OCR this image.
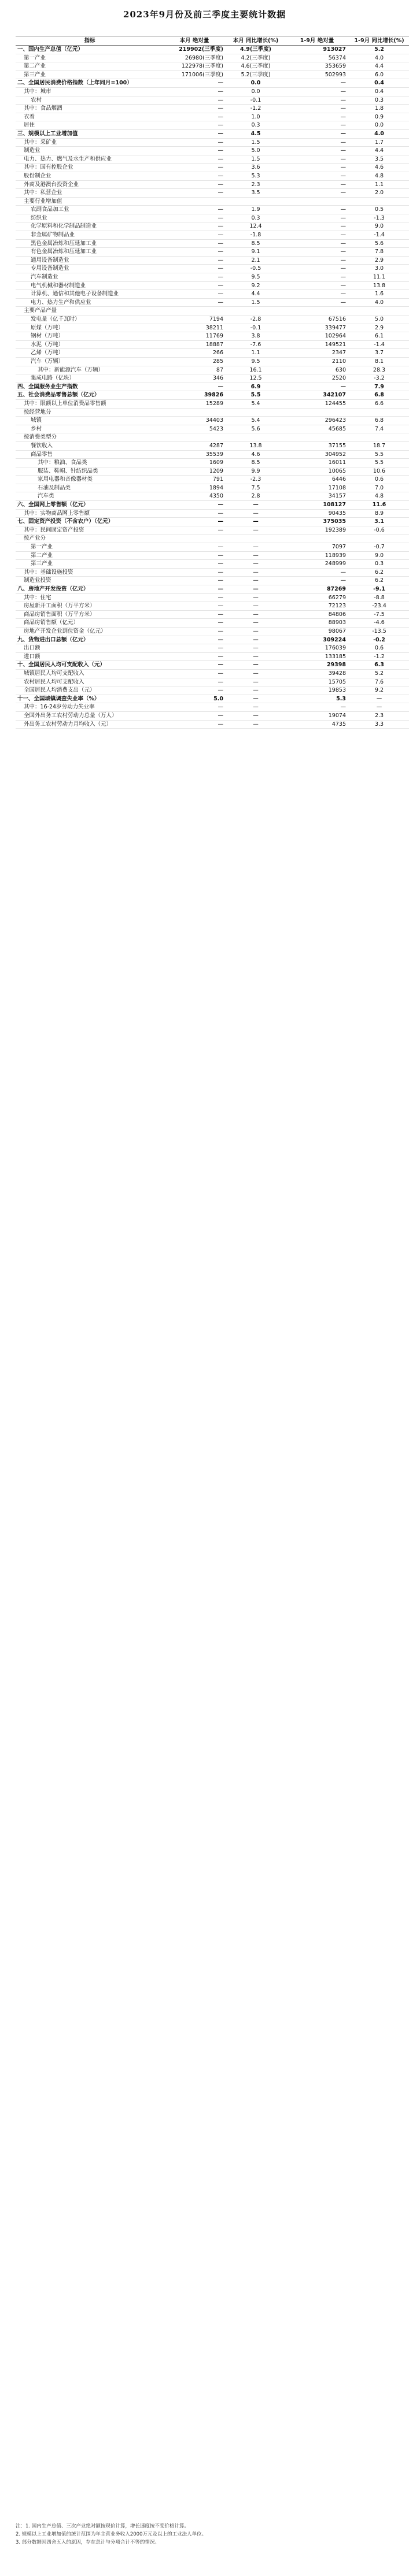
2023年9月份及前三季度主要统计数据
指标	本月 绝对量	本月 同比增长(%)	1-9月 绝对量	1-9月 同比增长(%)
一、国内生产总值（亿元）	219902(三季度)	4.9(三季度)	913027	5.2
第一产业	26980(三季度)	4.2(三季度)	56374	4.0
第二产业	122978(三季度)	4.6(三季度)	353659	4.4
第三产业	171006(三季度)	5.2(三季度)	502993	6.0
二、全国居民消费价格指数（上年同月=100）	—	0.0	—	0.4
其中：城市	—	0.0	—	0.4
农村	—	-0.1	—	0.3
其中：食品烟酒	—	-1.2	—	1.8
衣着	—	1.0	—	0.9
居住	—	0.3	—	0.0
三、规模以上工业增加值	—	4.5	—	4.0
其中：采矿业	—	1.5	—	1.7
制造业	—	5.0	—	4.4
电力、热力、燃气及水生产和供应业	—	1.5	—	3.5
其中：国有控股企业	—	3.6	—	4.6
股份制企业	—	5.3	—	4.8
外商及港澳台投资企业	—	2.3	—	1.1
其中：私营企业	—	3.5	—	2.0
主要行业增加值				
农副食品加工业	—	1.9	—	0.5
纺织业	—	0.3	—	-1.3
化学原料和化学制品制造业	—	12.4	—	9.0
非金属矿物制品业	—	-1.8	—	-1.4
黑色金属冶炼和压延加工业	—	8.5	—	5.6
有色金属冶炼和压延加工业	—	9.1	—	7.8
通用设备制造业	—	2.1	—	2.9
专用设备制造业	—	-0.5	—	3.0
汽车制造业	—	9.5	—	11.1
电气机械和器材制造业	—	9.2	—	13.8
计算机、通信和其他电子设备制造业	—	4.4	—	1.6
电力、热力生产和供应业	—	1.5	—	4.0
主要产品产量				
发电量（亿千瓦时）	7194	-2.8	67516	5.0
原煤（万吨）	38211	-0.1	339477	2.9
钢材（万吨）	11769	3.8	102964	6.1
水泥（万吨）	18887	-7.6	149521	-1.4
乙烯（万吨）	266	1.1	2347	3.7
汽车（万辆）	285	9.5	2110	8.1
其中：新能源汽车（万辆）	87	16.1	630	28.3
集成电路（亿块）	346	12.5	2520	-3.2
四、全国服务业生产指数	—	6.9	—	7.9
五、社会消费品零售总额（亿元）	39826	5.5	342107	6.8
其中：限额以上单位消费品零售额	15289	5.4	124455	6.6
按经营地分				
城镇	34403	5.4	296423	6.8
乡村	5423	5.6	45685	7.4
按消费类型分				
餐饮收入	4287	13.8	37155	18.7
商品零售	35539	4.6	304952	5.5
其中：粮油、食品类	1609	8.5	16011	5.5
服装、鞋帽、针纺织品类	1209	9.9	10065	10.6
家用电器和音像器材类	791	-2.3	6446	0.6
石油及制品类	1894	7.5	17108	7.0
汽车类	4350	2.8	34157	4.8
六、全国网上零售额（亿元）	—	—	108127	11.6
其中：实物商品网上零售额	—	—	90435	8.9
七、固定资产投资（不含农户）（亿元）	—	—	375035	3.1
其中：民间固定资产投资	—	—	192389	-0.6
按产业分				
第一产业	—	—	7097	-0.7
第二产业	—	—	118939	9.0
第三产业	—	—	248999	0.3
其中：基础设施投资	—	—	—	6.2
制造业投资	—	—	—	6.2
八、房地产开发投资（亿元）	—	—	87269	-9.1
其中：住宅	—	—	66279	-8.8
房屋新开工面积（万平方米）	—	—	72123	-23.4
商品房销售面积（万平方米）	—	—	84806	-7.5
商品房销售额（亿元）	—	—	88903	-4.6
房地产开发企业到位资金（亿元）	—	—	98067	-13.5
九、货物进出口总额（亿元）	—	—	309224	-0.2
出口额	—	—	176039	0.6
进口额	—	—	133185	-1.2
十、全国居民人均可支配收入（元）	—	—	29398	6.3
城镇居民人均可支配收入	—	—	39428	5.2
农村居民人均可支配收入	—	—	15705	7.6
全国居民人均消费支出（元）	—	—	19853	9.2
十一、全国城镇调查失业率（%）	5.0	—	5.3	—
其中：16-24岁劳动力失业率	—	—	—	—
全国外出务工农村劳动力总量（万人）	—	—	19074	2.3
外出务工农村劳动力月均收入（元）	—	—	4735	3.3
注：1. 国内生产总值、三次产业绝对额按现价计算，增长速度按不变价格计算。
2. 规模以上工业增加值的统计范围为年主营业务收入2000万元及以上的工业法人单位。
3. 部分数据因四舍五入的原因，存在总计与分项合计不等的情况。
